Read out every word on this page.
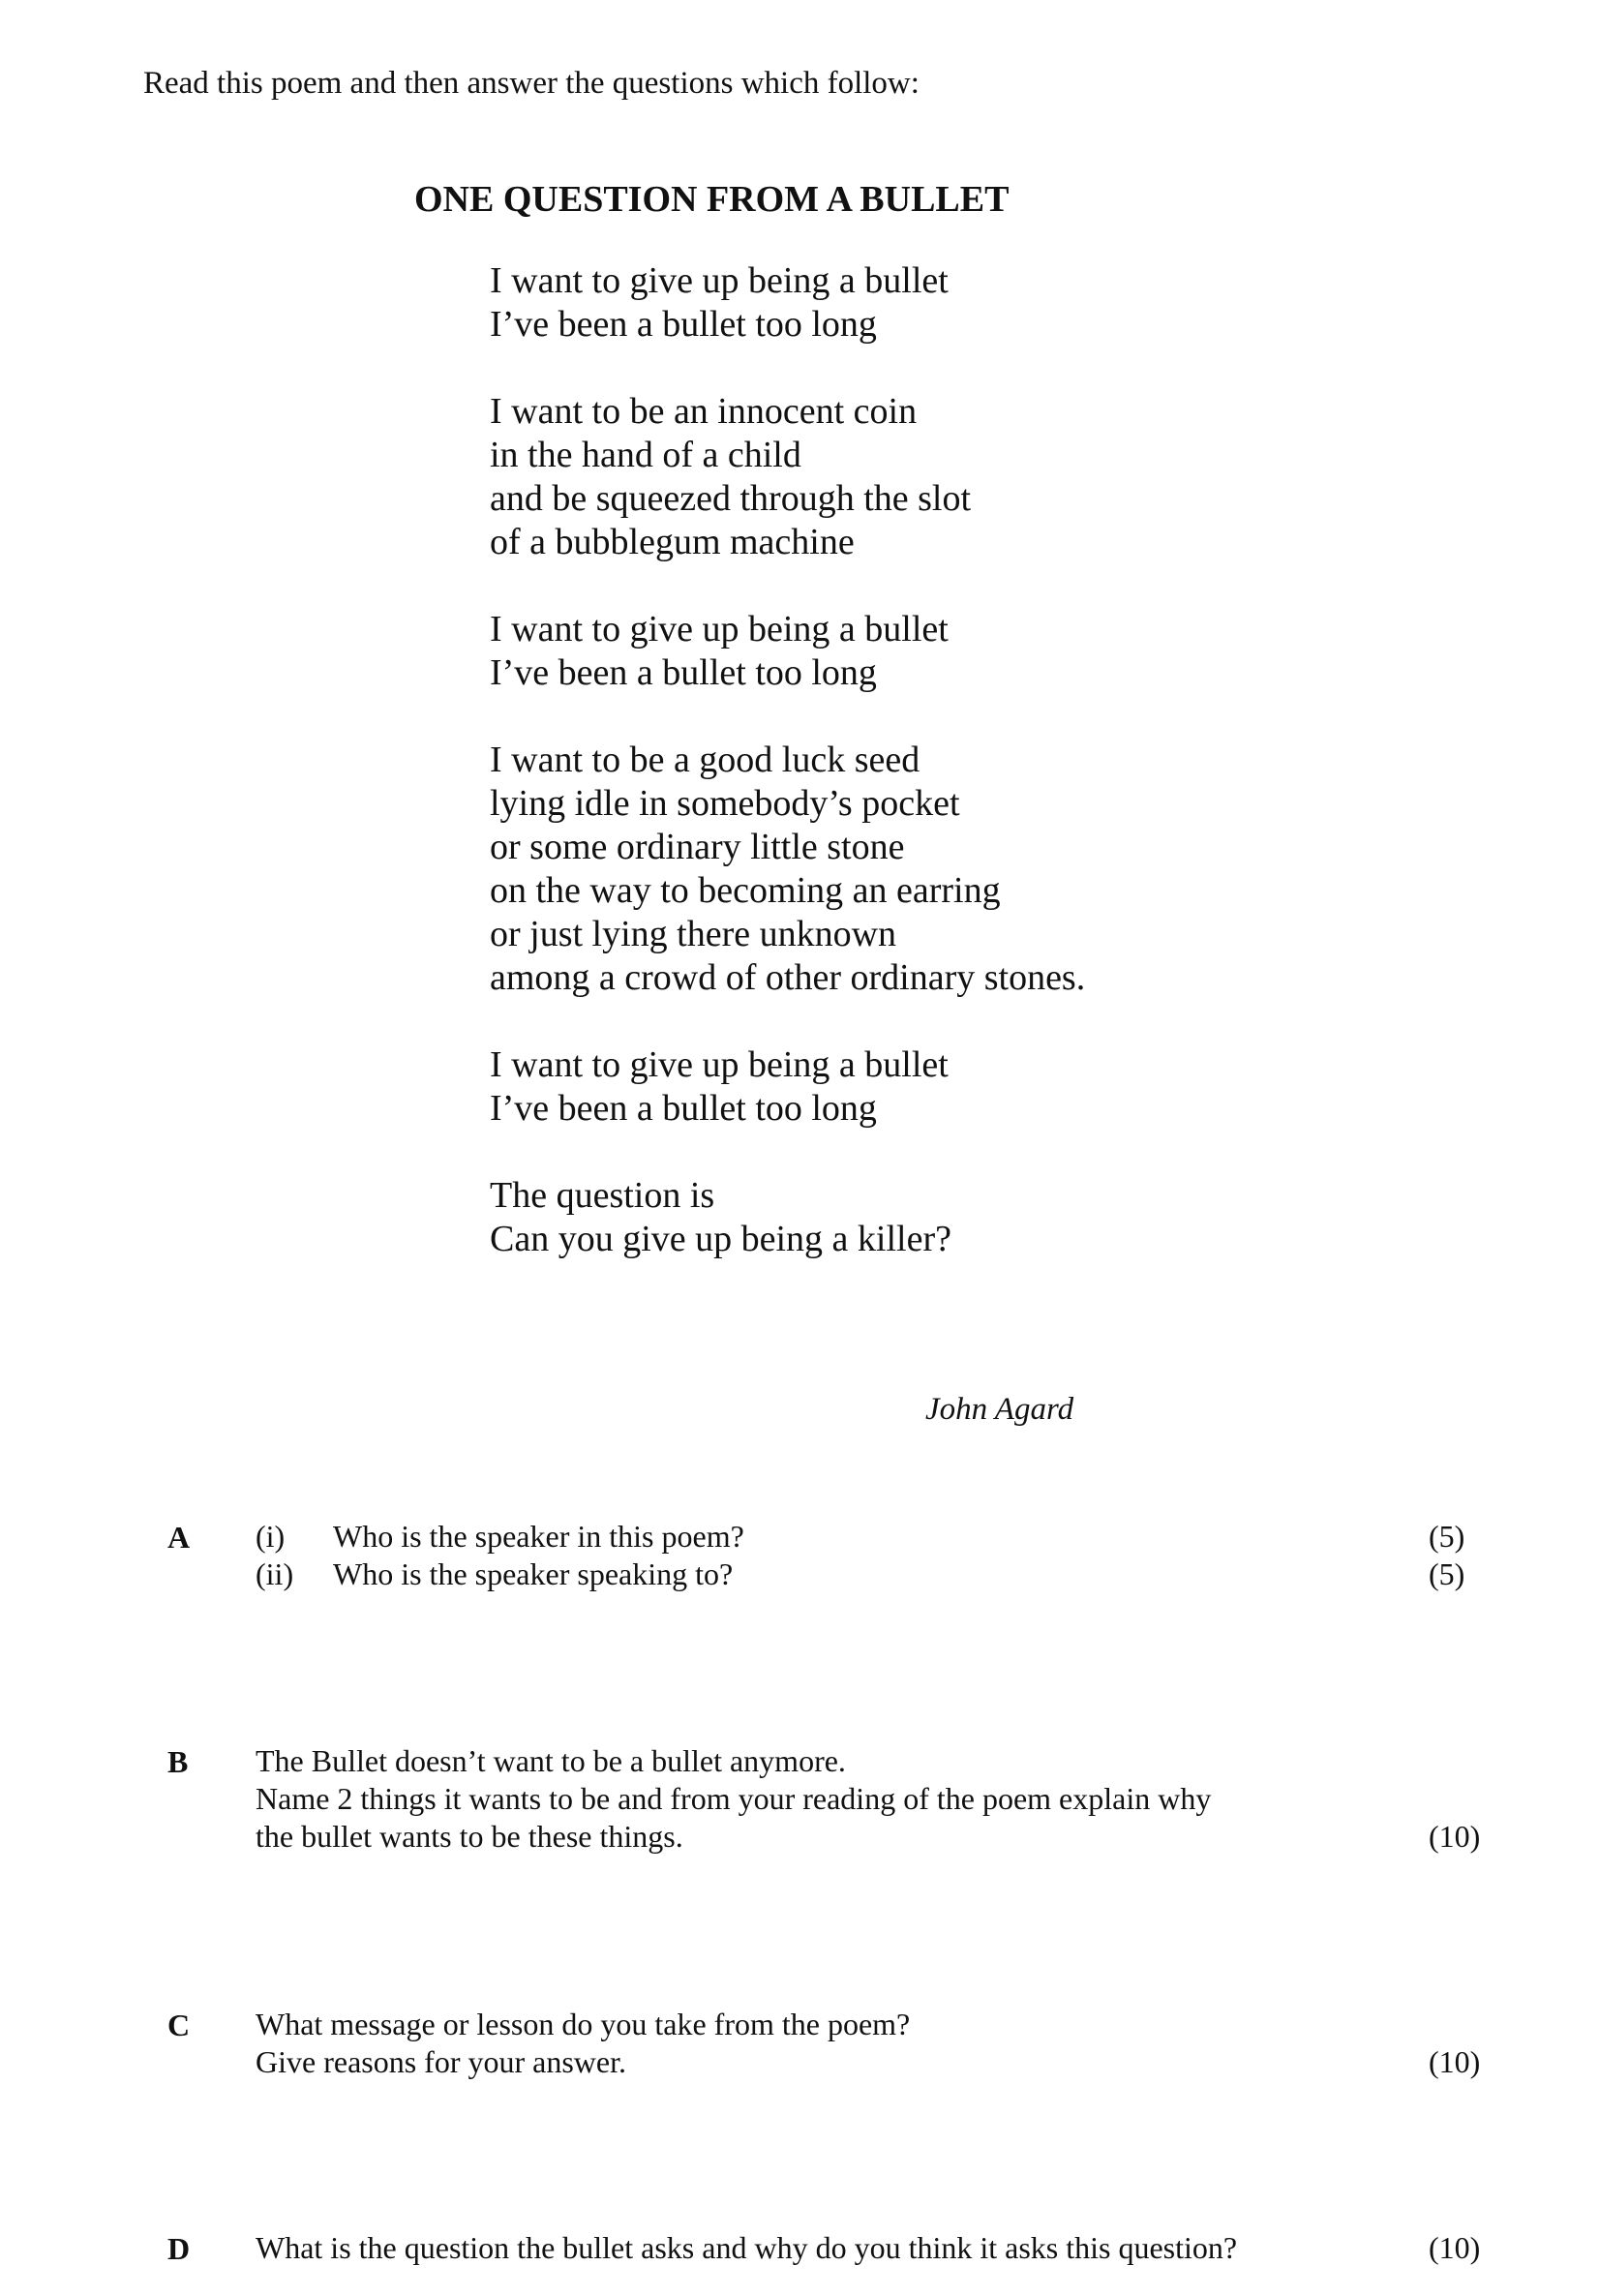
Read this poem and then answer the questions which follow:
ONE QUESTION FROM A BULLET
I want to give up being a bullet
I’ve been a bullet too long
I want to be an innocent coin
in the hand of a child
and be squeezed through the slot
of a bubblegum machine
I want to give up being a bullet
I’ve been a bullet too long
I want to be a good luck seed
lying idle in somebody’s pocket
or some ordinary little stone
on the way to becoming an earring
or just lying there unknown
among a crowd of other ordinary stones.
I want to give up being a bullet
I’ve been a bullet too long
The question is
Can you give up being a killer?
John Agard
A (i) Who is the speaker in this poem?	(5)
(ii) Who is the speaker speaking to?	(5)
B The Bullet doesn’t want to be a bullet anymore.
Name 2 things it wants to be and from your reading of the poem explain why
the bullet wants to be these things.	(10)
C What message or lesson do you take from the poem?
Give reasons for your answer.	(10)
D What is the question the bullet asks and why do you think it asks this question?	(10)
